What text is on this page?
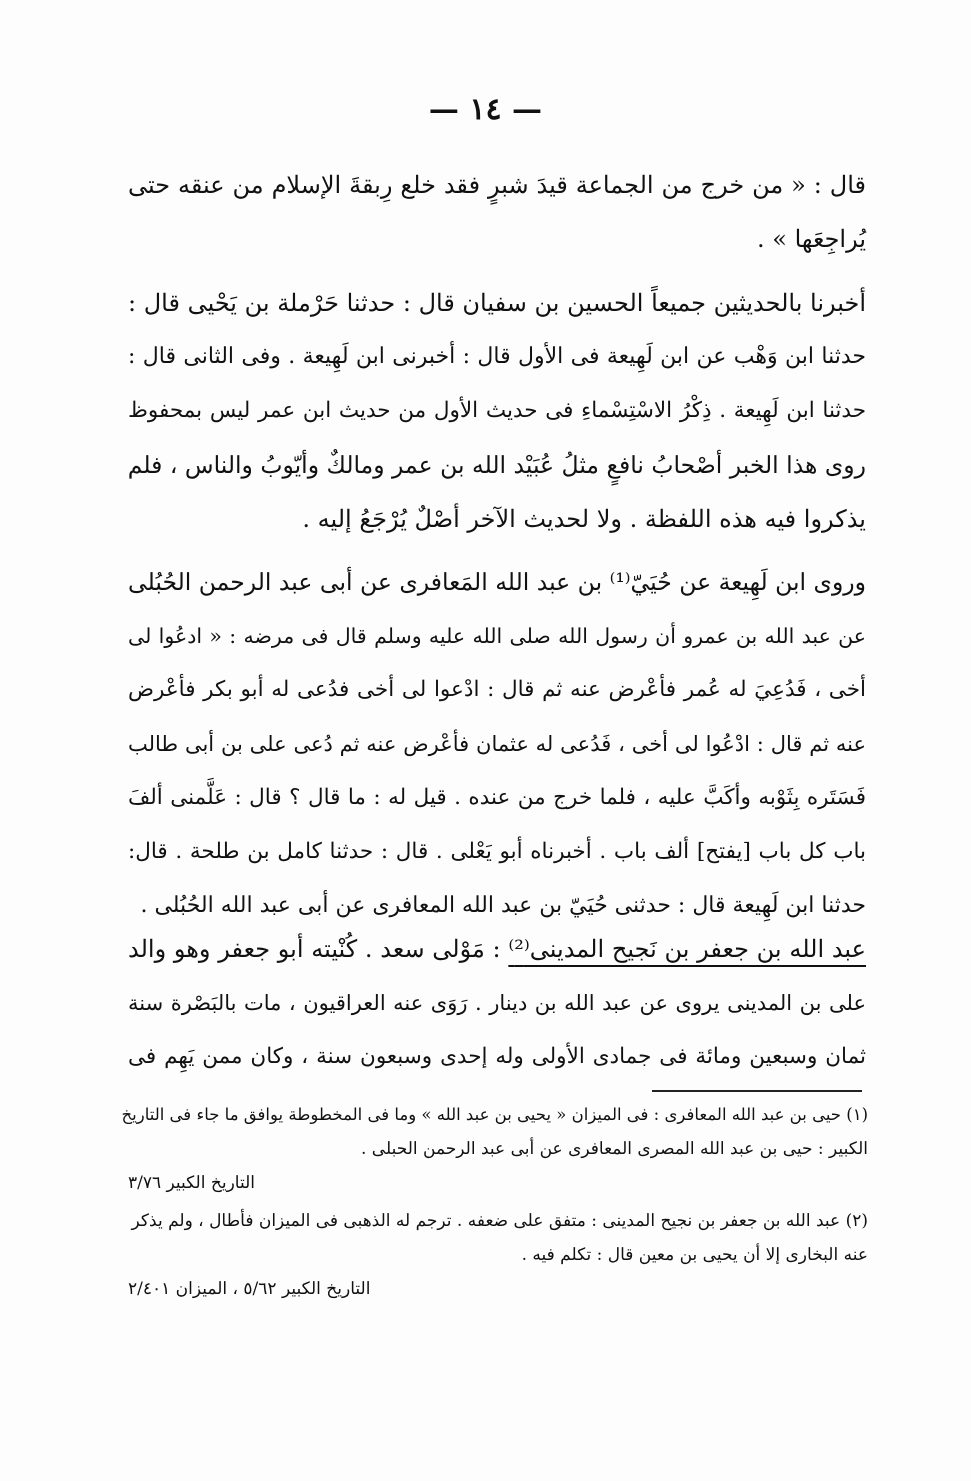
— ١٤ —
قال : « من خرج من الجماعة قيدَ شبرٍ فقد خلع رِبقةَ الإسلام من عنقه حتى
يُراجِعَها » .
أخبرنا بالحديثين جميعاً الحسين بن سفيان قال : حدثنا حَرْملة بن يَحْيى قال :
حدثنا ابن وَهْب عن ابن لَهِيعة فى الأول قال : أخبرنى ابن لَهِيعة . وفى الثانى قال :
حدثنا ابن لَهِيعة . ذِكْرُ الاسْتِسْماءِ فى حديث الأول من حديث ابن عمر ليس بمحفوظ
روى هذا الخبر أصْحابُ نافعٍ مثلُ عُبَيْد الله بن عمر ومالكٌ وأيّوبُ والناس ، فلم
يذكروا فيه هذه اللفظة . ولا لحديث الآخر أصْلٌ يُرْجَعُ إليه .
وروى ابن لَهِيعة عن حُيَيّ⁽¹⁾ بن عبد الله المَعافرى عن أبى عبد الرحمن الحُبُلى
عن عبد الله بن عمرو أن رسول الله صلى الله عليه وسلم قال فى مرضه : « ادعُوا لى
أخى ، فَدُعِيَ له عُمر فأعْرض عنه ثم قال : ادْعوا لى أخى فدُعى له أبو بكر فأعْرض
عنه ثم قال : ادْعُوا لى أخى ، فَدُعى له عثمان فأعْرض عنه ثم دُعى على بن أبى طالب
فَسَتَره بِثَوْبه وأكَبَّ عليه ، فلما خرج من عنده . قيل له : ما قال ؟ قال : عَلَّمنى ألفَ
باب كل باب [يفتح] ألف باب . أخبرناه أبو يَعْلى . قال : حدثنا كامل بن طلحة . قال:
حدثنا ابن لَهِيعة قال : حدثنى حُيَيّ بن عبد الله المعافرى عن أبى عبد الله الحُبُلى .
عبد الله بن جعفر بن نَجيح المدينى⁽²⁾ : مَوْلى سعد . كُنْيته أبو جعفر وهو والد
على بن المدينى يروى عن عبد الله بن دينار . رَوَى عنه العراقيون ، مات بالبَصْرة سنة
ثمان وسبعين ومائة فى جمادى الأولى وله إحدى وسبعون سنة ، وكان ممن يَهِم فى
(١) حيى بن عبد الله المعافرى : فى الميزان « يحيى بن عبد الله » وما فى المخطوطة يوافق ما جاء فى التاريخ
الكبير : حيى بن عبد الله المصرى المعافرى عن أبى عبد الرحمن الحبلى .
التاريخ الكبير ٣/٧٦
(٢) عبد الله بن جعفر بن نجيح المدينى : متفق على ضعفه . ترجم له الذهبى فى الميزان فأطال ، ولم يذكر
عنه البخارى إلا أن يحيى بن معين قال : تكلم فيه .
التاريخ الكبير ٥/٦٢ ، الميزان ٢/٤٠١
